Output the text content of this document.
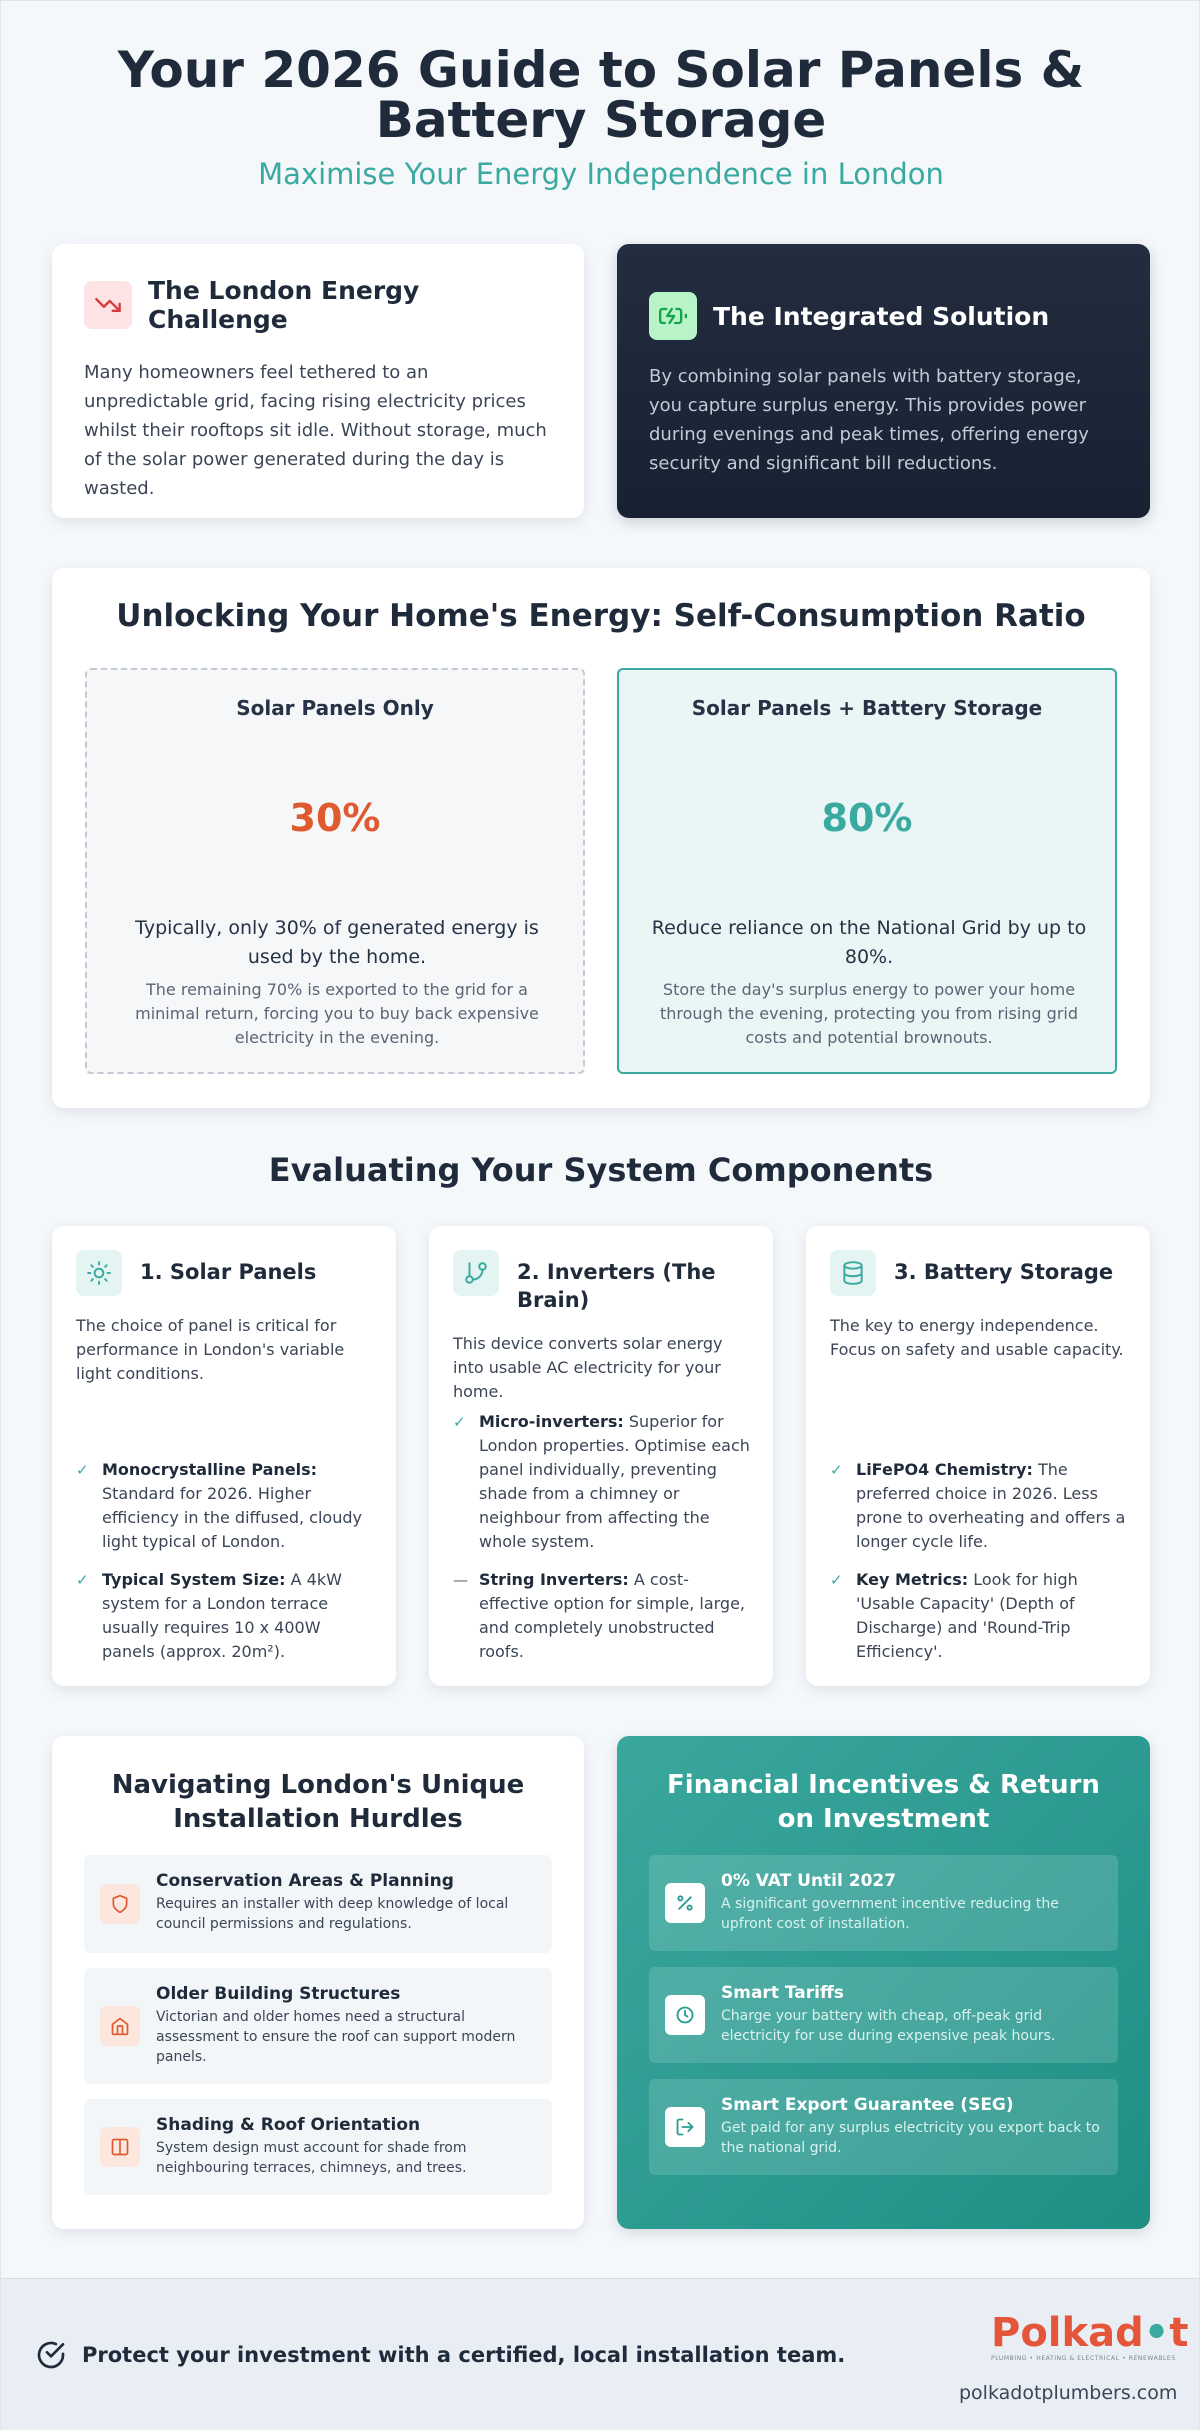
Your 2026 Guide to Solar Panels & Battery Storage
Maximise Your Energy Independence in London
The London Energy Challenge
Many homeowners feel tethered to an unpredictable grid, facing rising electricity prices whilst their rooftops sit idle. Without storage, much of the solar power generated during the day is wasted.
The Integrated Solution
By combining solar panels with battery storage, you capture surplus energy. This provides power during evenings and peak times, offering energy security and significant bill reductions.
Unlocking Your Home's Energy: Self-Consumption Ratio
Solar Panels Only
30%
Typically, only 30% of generated energy is used by the home.
The remaining 70% is exported to the grid for a minimal return, forcing you to buy back expensive electricity in the evening.
Solar Panels + Battery Storage
80%
Reduce reliance on the National Grid by up to 80%.
Store the day's surplus energy to power your home through the evening, protecting you from rising grid costs and potential brownouts.
Evaluating Your System Components
1. Solar Panels
The choice of panel is critical for performance in London's variable light conditions.
✓ Monocrystalline Panels: Standard for 2026. Higher efficiency in the diffused, cloudy light typical of London.
✓ Typical System Size: A 4kW system for a London terrace usually requires 10 x 400W panels (approx. 20m²).
2. Inverters (The Brain)
This device converts solar energy into usable AC electricity for your home.
✓ Micro-inverters: Superior for London properties. Optimise each panel individually, preventing shade from a chimney or neighbour from affecting the whole system.
— String Inverters: A cost-effective option for simple, large, and completely unobstructed roofs.
3. Battery Storage
The key to energy independence. Focus on safety and usable capacity.
✓ LiFePO4 Chemistry: The preferred choice in 2026. Less prone to overheating and offers a longer cycle life.
✓ Key Metrics: Look for high 'Usable Capacity' (Depth of Discharge) and 'Round-Trip Efficiency'.
Navigating London's Unique Installation Hurdles
Conservation Areas & Planning
Requires an installer with deep knowledge of local council permissions and regulations.
Older Building Structures
Victorian and older homes need a structural assessment to ensure the roof can support modern panels.
Shading & Roof Orientation
System design must account for shade from neighbouring terraces, chimneys, and trees.
Financial Incentives & Return on Investment
0% VAT Until 2027
A significant government incentive reducing the upfront cost of installation.
Smart Tariffs
Charge your battery with cheap, off-peak grid electricity for use during expensive peak hours.
Smart Export Guarantee (SEG)
Get paid for any surplus electricity you export back to the national grid.
Protect your investment with a certified, local installation team.	Polkad•t
PLUMBING • HEATING & ELECTRICAL • RENEWABLES
polkadotplumbers.com
